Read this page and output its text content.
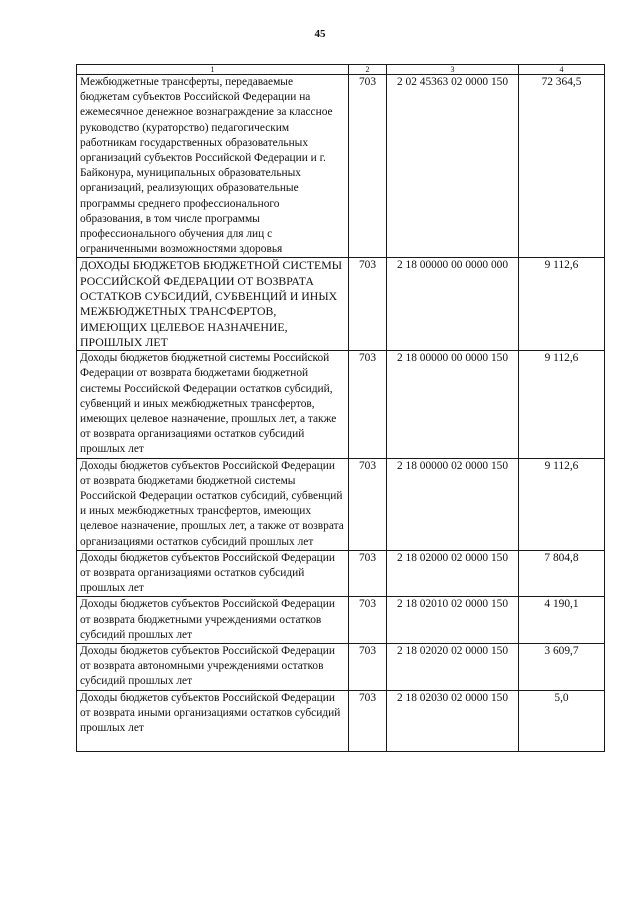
45
1	2	3	4
Межбюджетные трансферты, передаваемые бюджетам субъектов Российской Федерации на ежемесячное денежное вознаграждение за классное руководство (кураторство) педагогическим работникам государственных образовательных организаций субъектов Российской Федерации и г. Байконура, муниципальных образовательных организаций, реализующих образовательные программы среднего профессионального образования, в том числе программы профессионального обучения для лиц с ограниченными возможностями здоровья	703	2 02 45363 02 0000 150	72 364,5
ДОХОДЫ БЮДЖЕТОВ БЮДЖЕТНОЙ СИСТЕМЫ РОССИЙСКОЙ ФЕДЕРАЦИИ ОТ ВОЗВРАТА ОСТАТКОВ СУБСИДИЙ, СУБВЕНЦИЙ И ИНЫХ МЕЖБЮДЖЕТНЫХ ТРАНСФЕРТОВ, ИМЕЮЩИХ ЦЕЛЕВОЕ НАЗНАЧЕНИЕ, ПРОШЛЫХ ЛЕТ	703	2 18 00000 00 0000 000	9 112,6
Доходы бюджетов бюджетной системы Российской Федерации от возврата бюджетами бюджетной системы Российской Федерации остатков субсидий, субвенций и иных межбюджетных трансфертов, имеющих целевое назначение, прошлых лет, а также от возврата организациями остатков субсидий прошлых лет	703	2 18 00000 00 0000 150	9 112,6
Доходы бюджетов субъектов Российской Федерации от возврата бюджетами бюджетной системы Российской Федерации остатков субсидий, субвенций и иных межбюджетных трансфертов, имеющих целевое назначение, прошлых лет, а также от возврата организациями остатков субсидий прошлых лет	703	2 18 00000 02 0000 150	9 112,6
Доходы бюджетов субъектов Российской Федерации от возврата организациями остатков субсидий прошлых лет	703	2 18 02000 02 0000 150	7 804,8
Доходы бюджетов субъектов Российской Федерации от возврата бюджетными учреждениями остатков субсидий прошлых лет	703	2 18 02010 02 0000 150	4 190,1
Доходы бюджетов субъектов Российской Федерации от возврата автономными учреждениями остатков субсидий прошлых лет	703	2 18 02020 02 0000 150	3 609,7
Доходы бюджетов субъектов Российской Федерации от возврата иными организациями остатков субсидий прошлых лет	703	2 18 02030 02 0000 150	5,0
